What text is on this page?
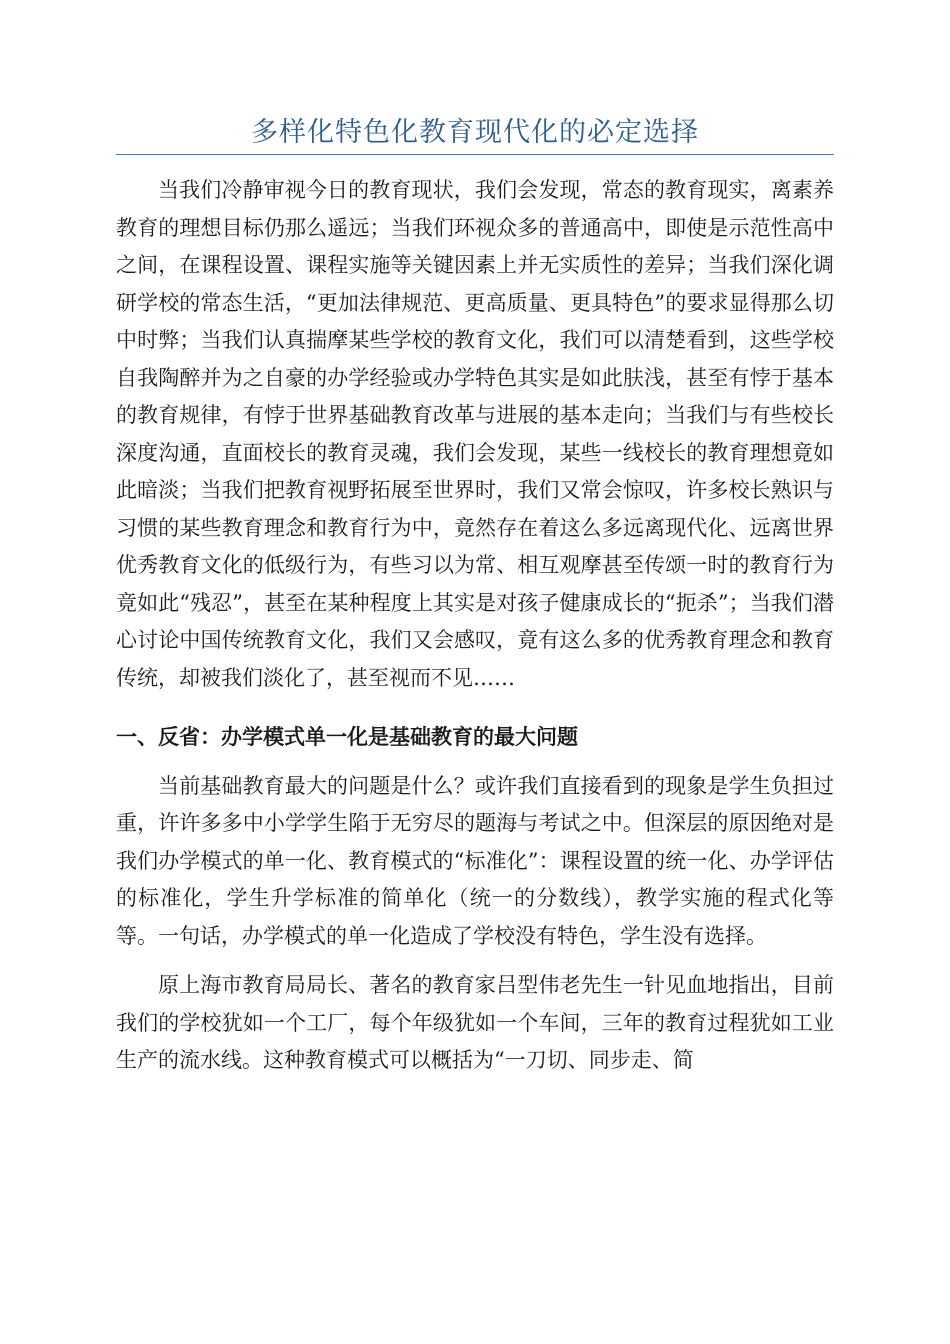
多样化特色化教育现代化的必定选择

当我们冷静审视今日的教育现状，我们会发现，常态的教育现实，离素养教育的理想目标仍那么遥远；当我们环视众多的普通高中，即使是示范性高中之间，在课程设置、课程实施等关键因素上并无实质性的差异；当我们深化调研学校的常态生活，“更加法律规范、更高质量、更具特色”的要求显得那么切中时弊；当我们认真揣摩某些学校的教育文化，我们可以清楚看到，这些学校自我陶醉并为之自豪的办学经验或办学特色其实是如此肤浅，甚至有悖于基本的教育规律，有悖于世界基础教育改革与进展的基本走向；当我们与有些校长深度沟通，直面校长的教育灵魂，我们会发现，某些一线校长的教育理想竟如此暗淡；当我们把教育视野拓展至世界时，我们又常会惊叹，许多校长熟识与习惯的某些教育理念和教育行为中，竟然存在着这么多远离现代化、远离世界优秀教育文化的低级行为，有些习以为常、相互观摩甚至传颂一时的教育行为竟如此“残忍”，甚至在某种程度上其实是对孩子健康成长的“扼杀”；当我们潜心讨论中国传统教育文化，我们又会感叹，竟有这么多的优秀教育理念和教育传统，却被我们淡化了，甚至视而不见……

一、反省：办学模式单一化是基础教育的最大问题

当前基础教育最大的问题是什么？或许我们直接看到的现象是学生负担过重，许许多多中小学学生陷于无穷尽的题海与考试之中。但深层的原因绝对是我们办学模式的单一化、教育模式的“标准化”：课程设置的统一化、办学评估的标准化，学生升学标准的简单化（统一的分数线），教学实施的程式化等等。一句话，办学模式的单一化造成了学校没有特色，学生没有选择。

原上海市教育局局长、著名的教育家吕型伟老先生一针见血地指出，目前我们的学校犹如一个工厂，每个年级犹如一个车间，三年的教育过程犹如工业生产的流水线。这种教育模式可以概括为“一刀切、同步走、简
